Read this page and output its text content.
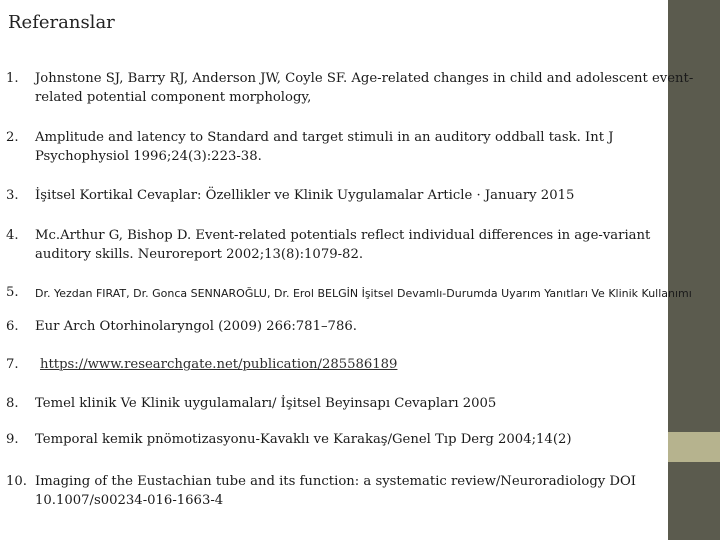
Referanslar
1.	Johnstone SJ, Barry RJ, Anderson JW, Coyle SF. Age-related changes in child and adolescent event-related potential component morphology,
2.	Amplitude and latency to Standard and target stimuli in an auditory oddball task. Int J Psychophysiol 1996;24(3):223-38.
3.	İşitsel Kortikal Cevaplar: Özellikler ve Klinik Uygulamalar Article · January 2015
4.	Mc.Arthur G, Bishop D. Event-related potentials reflect individual differences in age-variant auditory skills. Neuroreport 2002;13(8):1079-82.
5.	Dr. Yezdan FIRAT, Dr. Gonca SENNAROĞLU, Dr. Erol BELGİN İşitsel Devamlı-Durumda Uyarım Yanıtları Ve Klinik Kullanımı
6.	Eur Arch Otorhinolaryngol (2009) 266:781–786.
7.	https://www.researchgate.net/publication/285586189
8.	Temel klinik Ve Klinik uygulamaları/ İşitsel Beyinsapı Cevapları 2005
9.	Temporal kemik pnömotizasyonu-Kavaklı ve Karakaş/Genel Tıp Derg 2004;14(2)
10. Imaging of the Eustachian tube and its function: a systematic review/Neuroradiology DOI 10.1007/s00234-016-1663-4
